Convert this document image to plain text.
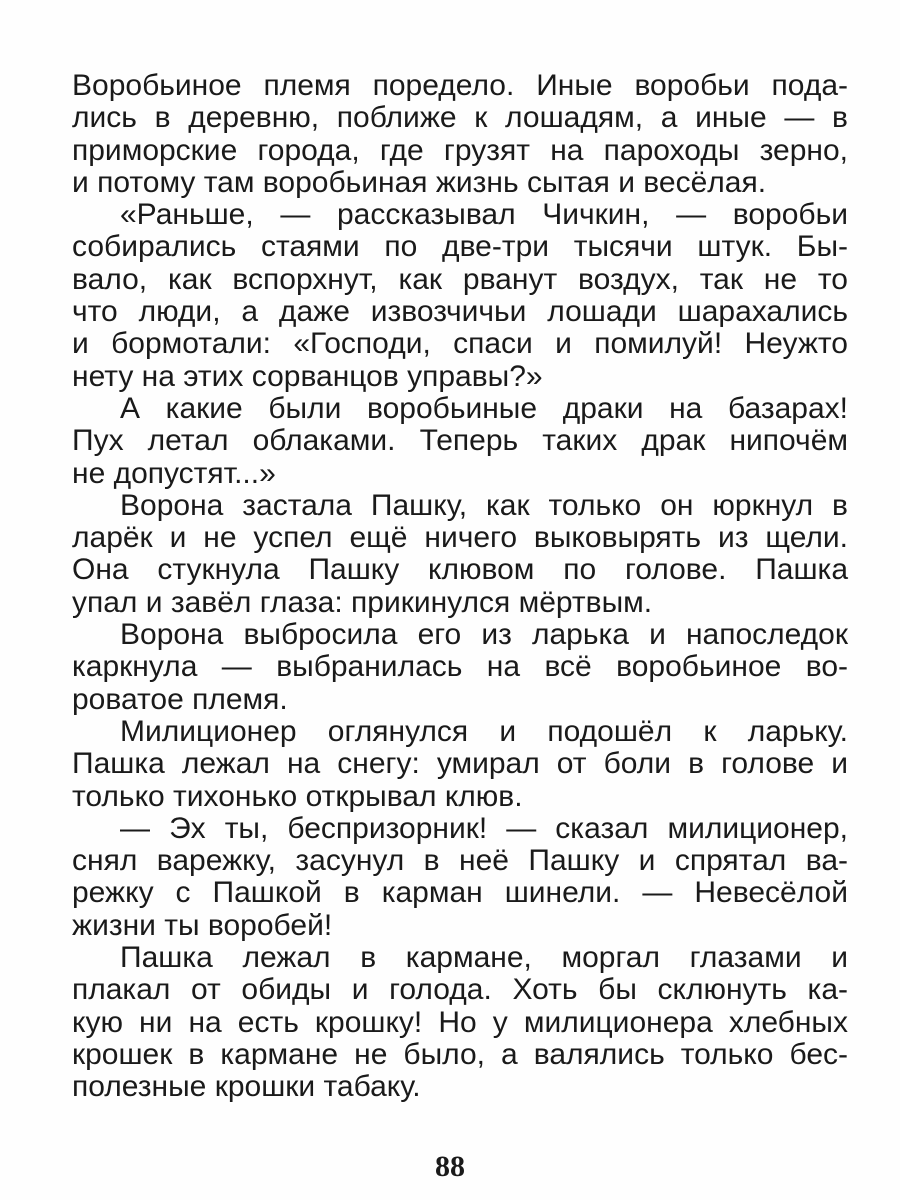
Воробьиное племя поредело. Иные воробьи пода-
лись в деревню, поближе к лошадям, а иные — в
приморские города, где грузят на пароходы зерно,
и потому там воробьиная жизнь сытая и весёлая.
«Раньше, — рассказывал Чичкин, — воробьи
собирались стаями по две-три тысячи штук. Бы-
вало, как вспорхнут, как рванут воздух, так не то
что люди, а даже извозчичьи лошади шарахались
и бормотали: «Господи, спаси и помилуй! Неужто
нету на этих сорванцов управы?»
А какие были воробьиные драки на базарах!
Пух летал облаками. Теперь таких драк нипочём
не допустят...»
Ворона застала Пашку, как только он юркнул в
ларёк и не успел ещё ничего выковырять из щели.
Она стукнула Пашку клювом по голове. Пашка
упал и завёл глаза: прикинулся мёртвым.
Ворона выбросила его из ларька и напоследок
каркнула — выбранилась на всё воробьиное во-
роватое племя.
Милиционер оглянулся и подошёл к ларьку.
Пашка лежал на снегу: умирал от боли в голове и
только тихонько открывал клюв.
— Эх ты, беспризорник! — сказал милиционер,
снял варежку, засунул в неё Пашку и спрятал ва-
режку с Пашкой в карман шинели. — Невесёлой
жизни ты воробей!
Пашка лежал в кармане, моргал глазами и
плакал от обиды и голода. Хоть бы склюнуть ка-
кую ни на есть крошку! Но у милиционера хлебных
крошек в кармане не было, а валялись только бес-
полезные крошки табаку.
88
